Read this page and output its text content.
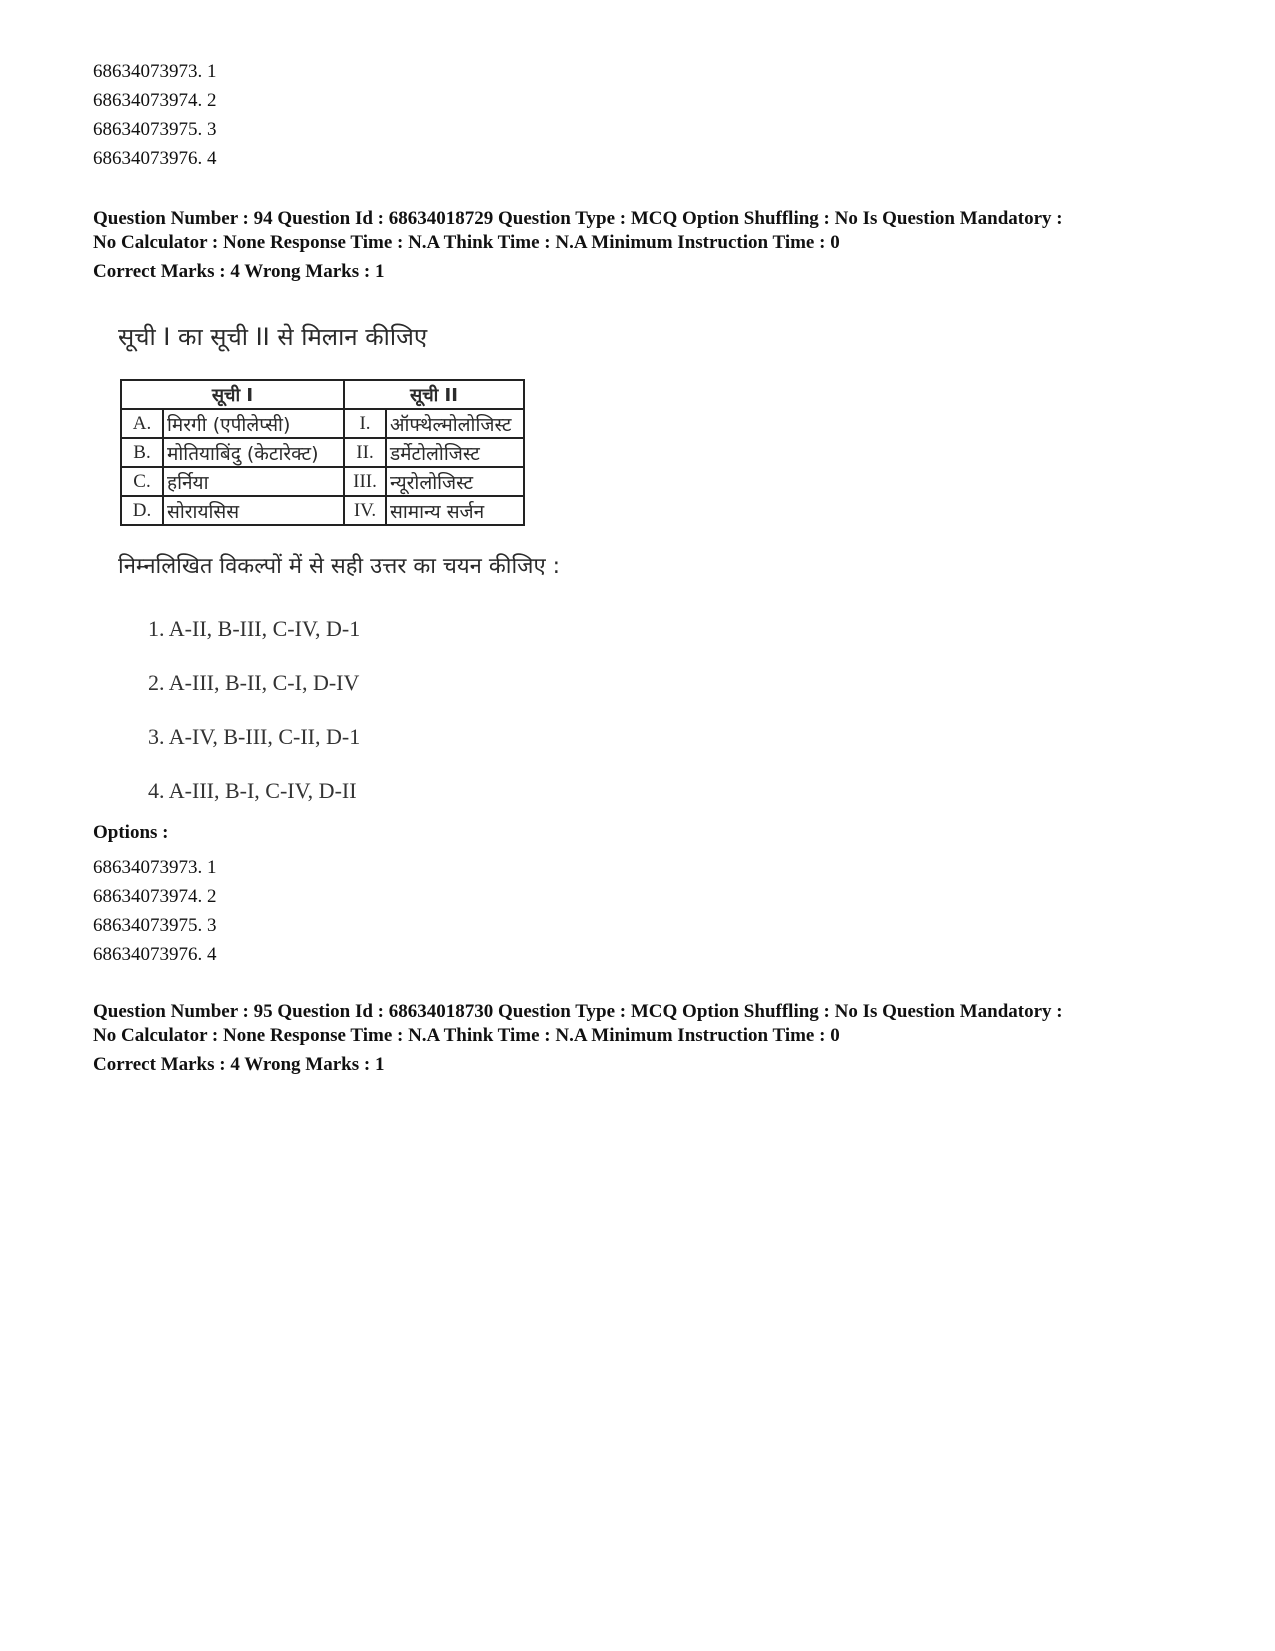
68634073973. 1
68634073974. 2
68634073975. 3
68634073976. 4
Question Number : 94 Question Id : 68634018729 Question Type : MCQ Option Shuffling : No Is Question Mandatory :
No Calculator : None Response Time : N.A Think Time : N.A Minimum Instruction Time : 0
Correct Marks : 4 Wrong Marks : 1
सूची I का सूची II से मिलान कीजिए
सूची I		सूची II	
A.	मिरगी (एपीलेप्सी)	I.	ऑफ्थेल्मोलोजिस्ट
B.	मोतियाबिंदु (केटारेक्ट)	II.	डर्मेटोलोजिस्ट
C.	हर्निया	III.	न्यूरोलोजिस्ट
D.	सोरायसिस	IV.	सामान्य सर्जन
निम्नलिखित विकल्पों में से सही उत्तर का चयन कीजिए :
1. A-II, B-III, C-IV, D-1
2. A-III, B-II, C-I, D-IV
3. A-IV, B-III, C-II, D-1
4. A-III, B-I, C-IV, D-II
Options :
68634073973. 1
68634073974. 2
68634073975. 3
68634073976. 4
Question Number : 95 Question Id : 68634018730 Question Type : MCQ Option Shuffling : No Is Question Mandatory :
No Calculator : None Response Time : N.A Think Time : N.A Minimum Instruction Time : 0
Correct Marks : 4 Wrong Marks : 1
